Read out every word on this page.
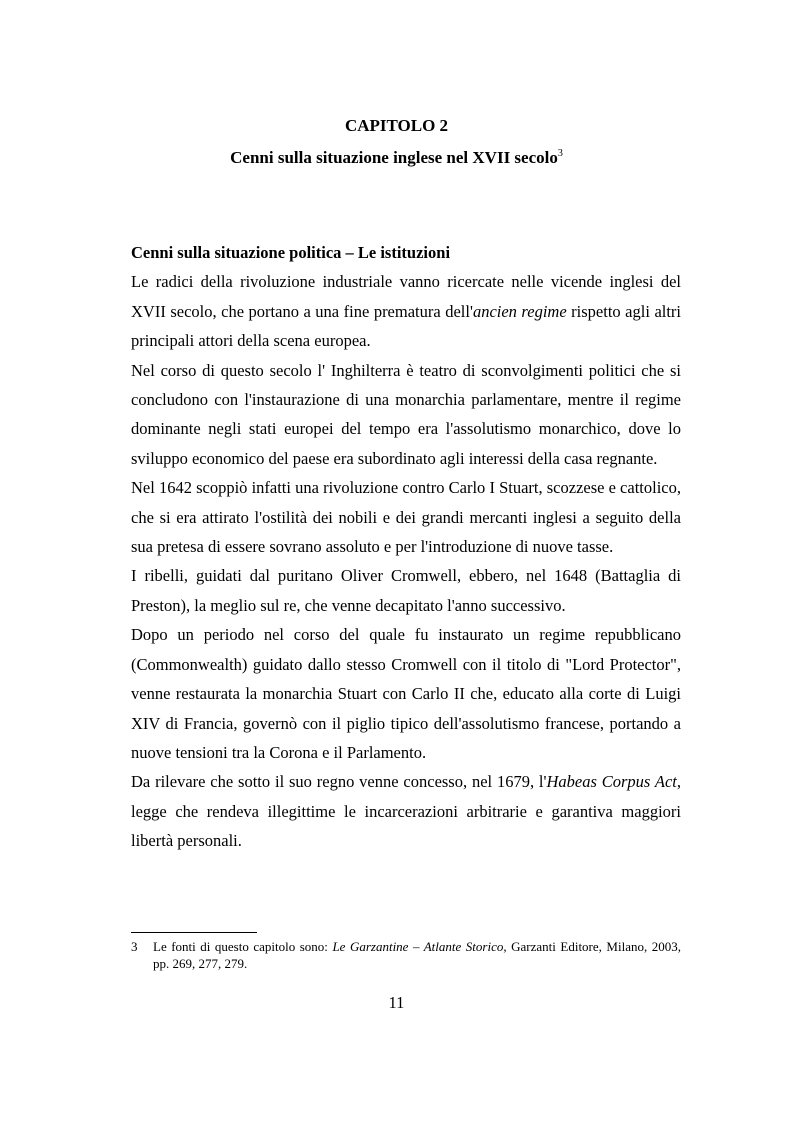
CAPITOLO 2
Cenni sulla situazione inglese nel XVII secolo$^3$

Cenni sulla situazione politica – Le istituzioni

Le radici della rivoluzione industriale vanno ricercate nelle vicende inglesi del XVII secolo, che portano a una fine prematura dell'ancien regime rispetto agli altri principali attori della scena europea.

Nel corso di questo secolo l' Inghilterra è teatro di sconvolgimenti politici che si concludono con l'instaurazione di una monarchia parlamentare, mentre il regime dominante negli stati europei del tempo era l'assolutismo monarchico, dove lo sviluppo economico del paese era subordinato agli interessi della casa regnante.

Nel 1642 scoppiò infatti una rivoluzione contro Carlo I Stuart, scozzese e cattolico, che si era attirato l'ostilità dei nobili e dei grandi mercanti inglesi a seguito della sua pretesa di essere sovrano assoluto e per l'introduzione di nuove tasse.

I ribelli, guidati dal puritano Oliver Cromwell, ebbero, nel 1648 (Battaglia di Preston), la meglio sul re, che venne decapitato l'anno successivo.

Dopo un periodo nel corso del quale fu instaurato un regime repubblicano (Commonwealth) guidato dallo stesso Cromwell con il titolo di "Lord Protector", venne restaurata la monarchia Stuart con Carlo II che, educato alla corte di Luigi XIV di Francia, governò con il piglio tipico dell'assolutismo francese, portando a nuove tensioni tra la Corona e il Parlamento.

Da rilevare che sotto il suo regno venne concesso, nel 1679, l'Habeas Corpus Act, legge che rendeva illegittime le incarcerazioni arbitrarie e garantiva maggiori libertà personali.

3 Le fonti di questo capitolo sono: Le Garzantine – Atlante Storico, Garzanti Editore, Milano, 2003, pp. 269, 277, 279.
11
